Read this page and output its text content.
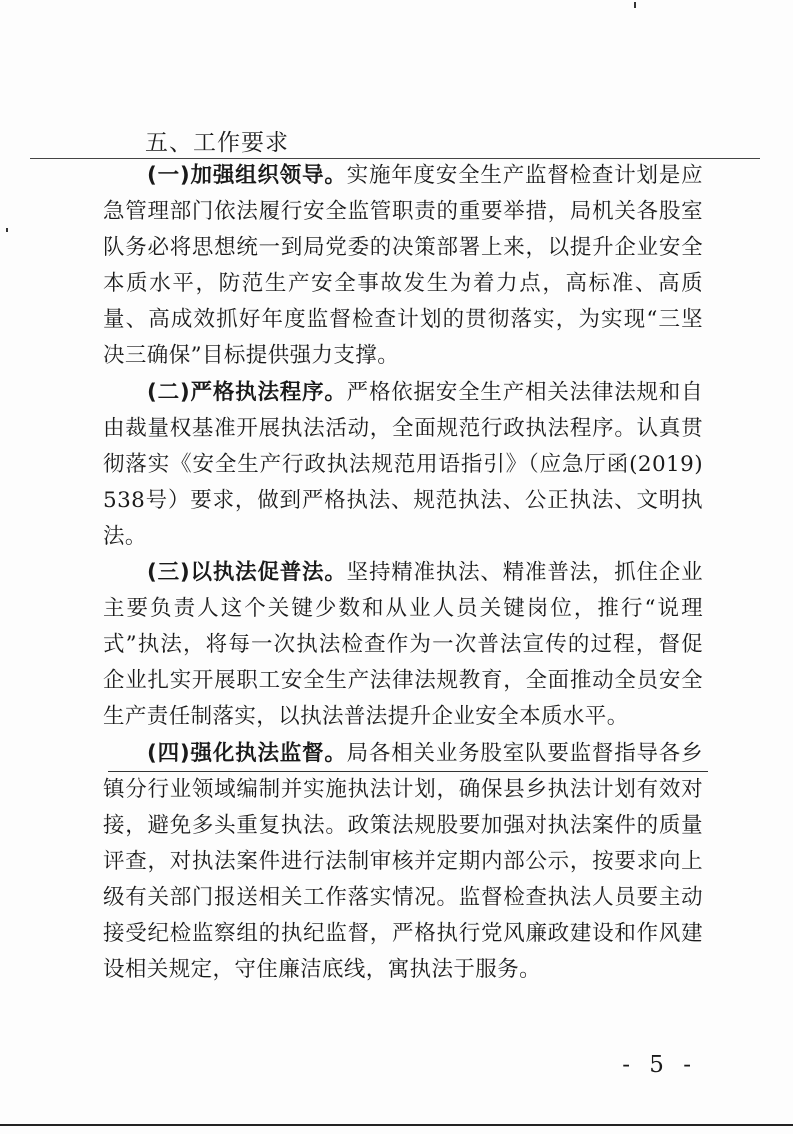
五、工作要求

(一)加强组织领导。实施年度安全生产监督检查计划是应急管理部门依法履行安全监管职责的重要举措，局机关各股室队务必将思想统一到局党委的决策部署上来，以提升企业安全本质水平，防范生产安全事故发生为着力点，高标准、高质量、高成效抓好年度监督检查计划的贯彻落实，为实现“三坚决三确保”目标提供强力支撑。

(二)严格执法程序。严格依据安全生产相关法律法规和自由裁量权基准开展执法活动，全面规范行政执法程序。认真贯彻落实《安全生产行政执法规范用语指引》（应急厅函(2019) 538号）要求，做到严格执法、规范执法、公正执法、文明执法。

(三)以执法促普法。坚持精准执法、精准普法，抓住企业主要负责人这个关键少数和从业人员关键岗位，推行“说理式”执法，将每一次执法检查作为一次普法宣传的过程，督促企业扎实开展职工安全生产法律法规教育，全面推动全员安全生产责任制落实，以执法普法提升企业安全本质水平。

(四)强化执法监督。局各相关业务股室队要监督指导各乡镇分行业领域编制并实施执法计划，确保县乡执法计划有效对接，避免多头重复执法。政策法规股要加强对执法案件的质量评查，对执法案件进行法制审核并定期内部公示，按要求向上级有关部门报送相关工作落实情况。监督检查执法人员要主动接受纪检监察组的执纪监督，严格执行党风廉政建设和作风建设相关规定，守住廉洁底线，寓执法于服务。

- 5 -
